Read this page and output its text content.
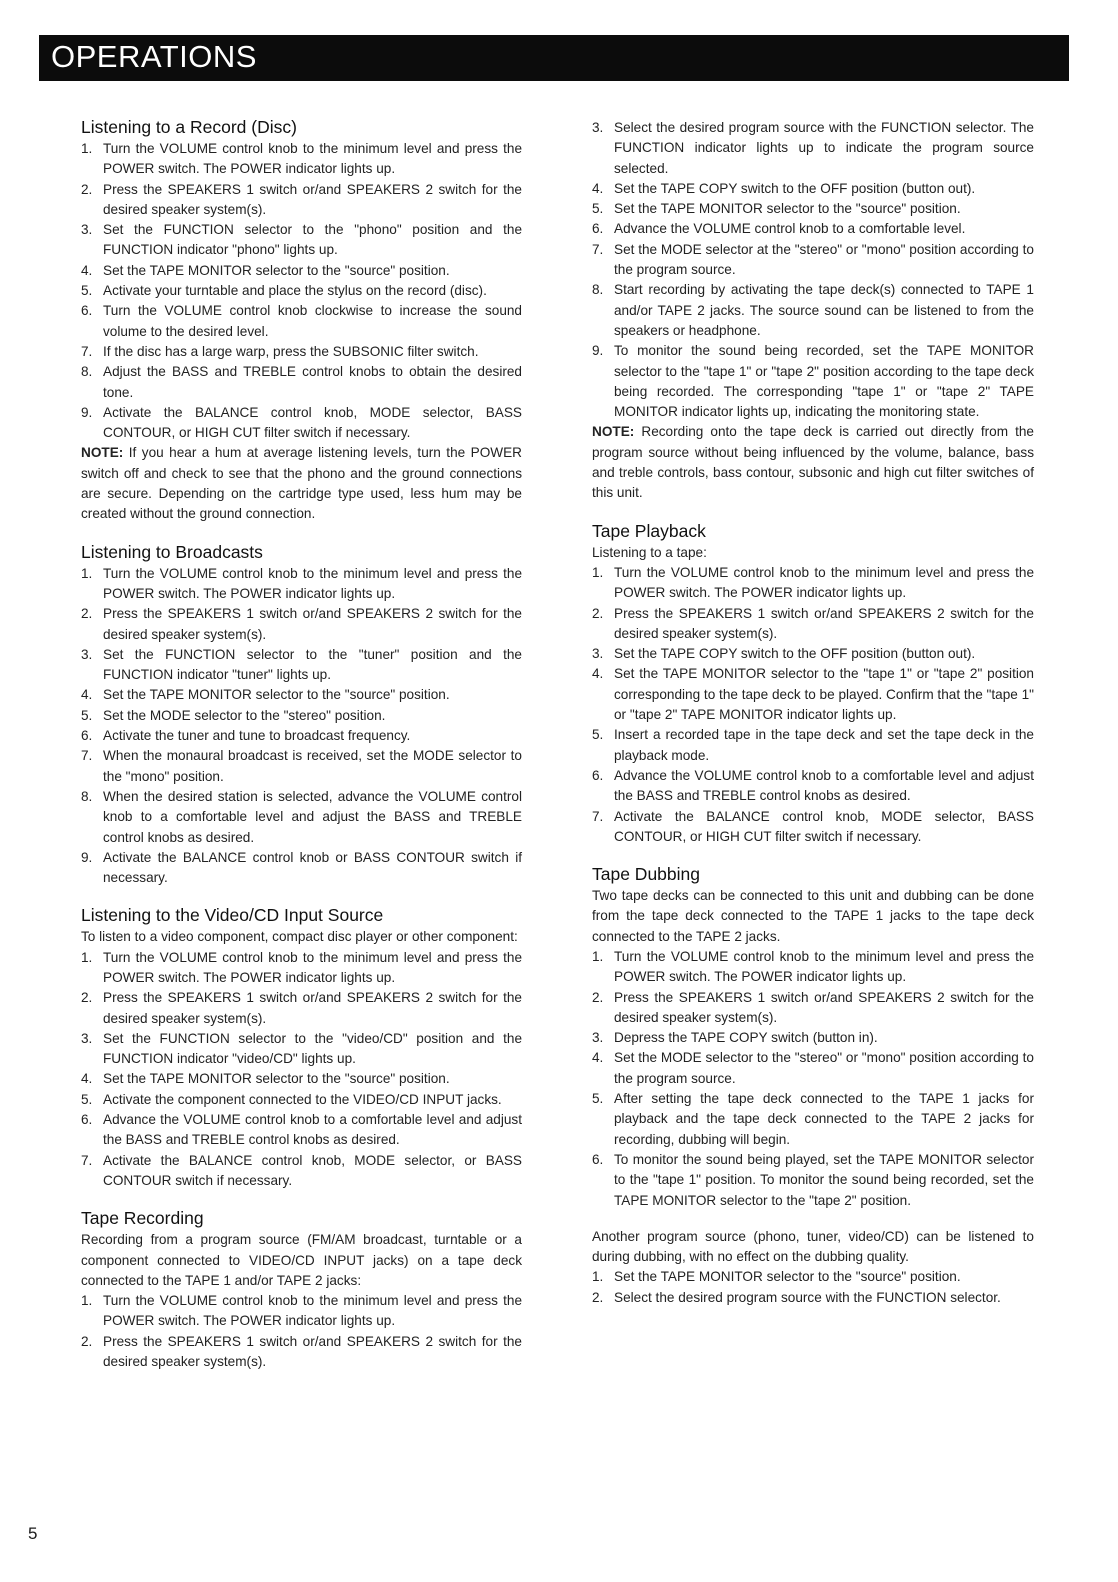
OPERATIONS
Listening to a Record (Disc)
1. Turn the VOLUME control knob to the minimum level and press the POWER switch. The POWER indicator lights up.
2. Press the SPEAKERS 1 switch or/and SPEAKERS 2 switch for the desired speaker system(s).
3. Set the FUNCTION selector to the "phono" position and the FUNCTION indicator "phono" lights up.
4. Set the TAPE MONITOR selector to the "source" position.
5. Activate your turntable and place the stylus on the record (disc).
6. Turn the VOLUME control knob clockwise to increase the sound volume to the desired level.
7. If the disc has a large warp, press the SUBSONIC filter switch.
8. Adjust the BASS and TREBLE control knobs to obtain the desired tone.
9. Activate the BALANCE control knob, MODE selector, BASS CONTOUR, or HIGH CUT filter switch if necessary.

NOTE: If you hear a hum at average listening levels, turn the POWER switch off and check to see that the phono and the ground connections are secure. Depending on the cartridge type used, less hum may be created without the ground connection.

Listening to Broadcasts
1. Turn the VOLUME control knob to the minimum level and press the POWER switch. The POWER indicator lights up.
2. Press the SPEAKERS 1 switch or/and SPEAKERS 2 switch for the desired speaker system(s).
3. Set the FUNCTION selector to the "tuner" position and the FUNCTION indicator "tuner" lights up.
4. Set the TAPE MONITOR selector to the "source" position.
5. Set the MODE selector to the "stereo" position.
6. Activate the tuner and tune to broadcast frequency.
7. When the monaural broadcast is received, set the MODE selector to the "mono" position.
8. When the desired station is selected, advance the VOLUME control knob to a comfortable level and adjust the BASS and TREBLE control knobs as desired.
9. Activate the BALANCE control knob or BASS CONTOUR switch if necessary.
Listening to the Video/CD Input Source

To listen to a video component, compact disc player or other component:

1. Turn the VOLUME control knob to the minimum level and press the POWER switch. The POWER indicator lights up.
2. Press the SPEAKERS 1 switch or/and SPEAKERS 2 switch for the desired speaker system(s).
3. Set the FUNCTION selector to the "video/CD" position and the FUNCTION indicator "video/CD" lights up.
4. Set the TAPE MONITOR selector to the "source" position.
5. Activate the component connected to the VIDEO/CD INPUT jacks.
6. Advance the VOLUME control knob to a comfortable level and adjust the BASS and TREBLE control knobs as desired.
7. Activate the BALANCE control knob, MODE selector, or BASS CONTOUR switch if necessary.
Tape Recording

Recording from a program source (FM/AM broadcast, turntable or a component connected to VIDEO/CD INPUT jacks) on a tape deck connected to the TAPE 1 and/or TAPE 2 jacks:

1. Turn the VOLUME control knob to the minimum level and press the POWER switch. The POWER indicator lights up.
2. Press the SPEAKERS 1 switch or/and SPEAKERS 2 switch for the desired speaker system(s).
3. Select the desired program source with the FUNCTION selector. The FUNCTION indicator lights up to indicate the program source selected.
4. Set the TAPE COPY switch to the OFF position (button out).
5. Set the TAPE MONITOR selector to the "source" position.
6. Advance the VOLUME control knob to a comfortable level.
7. Set the MODE selector at the "stereo" or "mono" position according to the program source.
8. Start recording by activating the tape deck(s) connected to TAPE 1 and/or TAPE 2 jacks. The source sound can be listened to from the speakers or headphone.
9. To monitor the sound being recorded, set the TAPE MONITOR selector to the "tape 1" or "tape 2" position according to the tape deck being recorded. The corresponding "tape 1" or "tape 2" TAPE MONITOR indicator lights up, indicating the monitoring state.

NOTE: Recording onto the tape deck is carried out directly from the program source without being influenced by the volume, balance, bass and treble controls, bass contour, subsonic and high cut filter switches of this unit.

Tape Playback

Listening to a tape:

1. Turn the VOLUME control knob to the minimum level and press the POWER switch. The POWER indicator lights up.
2. Press the SPEAKERS 1 switch or/and SPEAKERS 2 switch for the desired speaker system(s).
3. Set the TAPE COPY switch to the OFF position (button out).
4. Set the TAPE MONITOR selector to the "tape 1" or "tape 2" position corresponding to the tape deck to be played. Confirm that the "tape 1" or "tape 2" TAPE MONITOR indicator lights up.
5. Insert a recorded tape in the tape deck and set the tape deck in the playback mode.
6. Advance the VOLUME control knob to a comfortable level and adjust the BASS and TREBLE control knobs as desired.
7. Activate the BALANCE control knob, MODE selector, BASS CONTOUR, or HIGH CUT filter switch if necessary.
Tape Dubbing

Two tape decks can be connected to this unit and dubbing can be done from the tape deck connected to the TAPE 1 jacks to the tape deck connected to the TAPE 2 jacks.

1. Turn the VOLUME control knob to the minimum level and press the POWER switch. The POWER indicator lights up.
2. Press the SPEAKERS 1 switch or/and SPEAKERS 2 switch for the desired speaker system(s).
3. Depress the TAPE COPY switch (button in).
4. Set the MODE selector to the "stereo" or "mono" position according to the program source.
5. After setting the tape deck connected to the TAPE 1 jacks for playback and the tape deck connected to the TAPE 2 jacks for recording, dubbing will begin.
6. To monitor the sound being played, set the TAPE MONITOR selector to the "tape 1" position. To monitor the sound being recorded, set the TAPE MONITOR selector to the "tape 2" position.

Another program source (phono, tuner, video/CD) can be listened to during dubbing, with no effect on the dubbing quality.

1. Set the TAPE MONITOR selector to the "source" position.
2. Select the desired program source with the FUNCTION selector.
5
